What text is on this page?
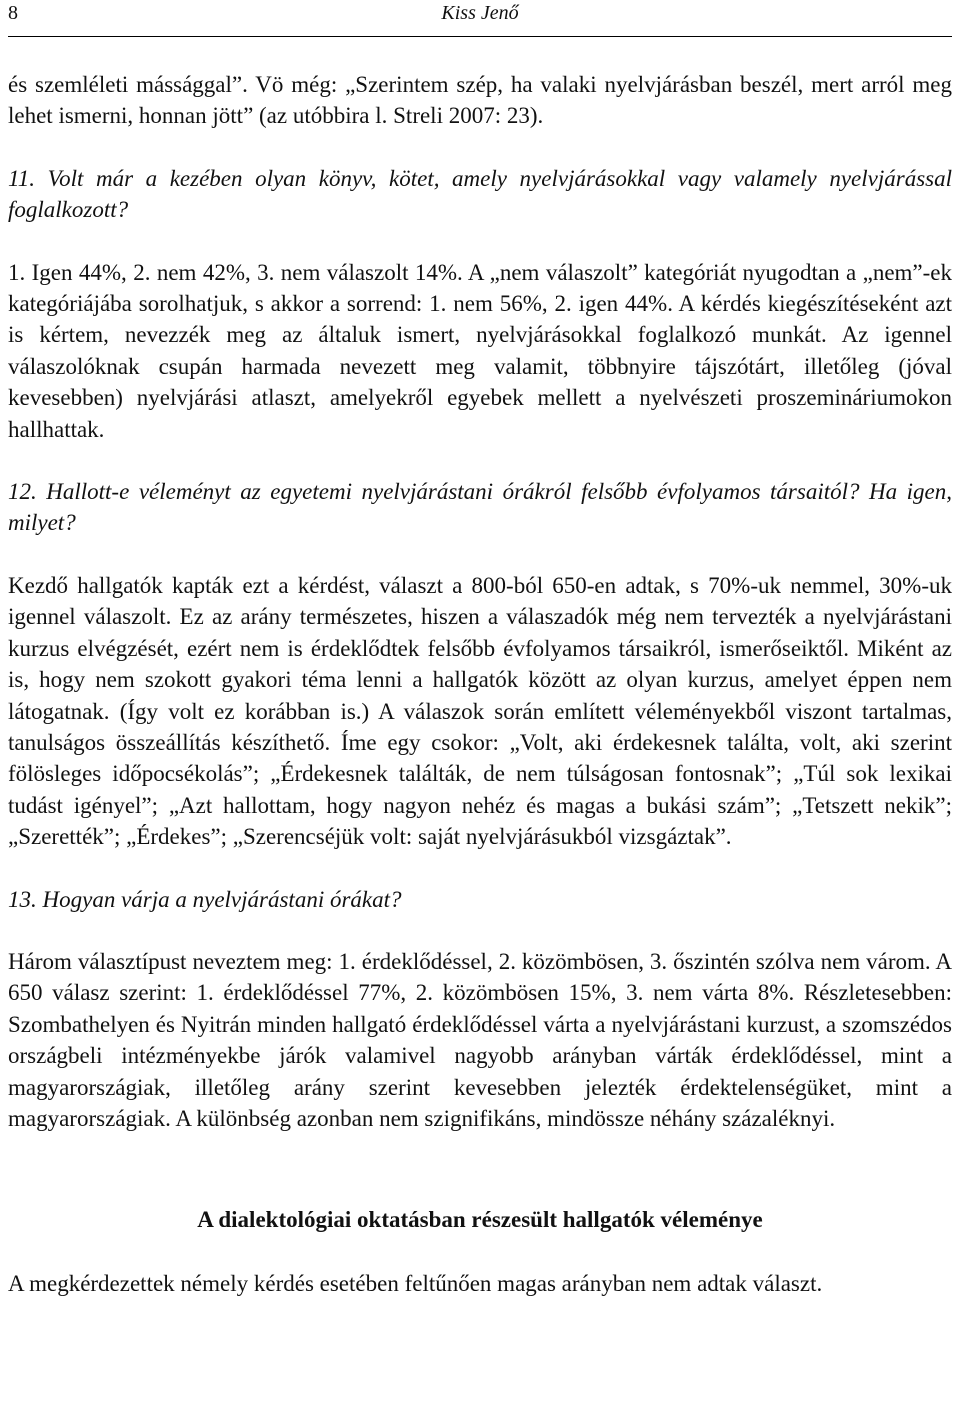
8	Kiss Jenő

és szemléleti mássággal”. Vö még: „Szerintem szép, ha valaki nyelvjárásban beszél, mert arról meg lehet ismerni, honnan jött” (az utóbbira l. Streli 2007: 23).

11. Volt már a kezében olyan könyv, kötet, amely nyelvjárásokkal vagy valamely nyelvjárással foglalkozott?

1. Igen 44%, 2. nem 42%, 3. nem válaszolt 14%. A „nem válaszolt” kategóriát nyugodtan a „nem”-ek kategóriájába sorolhatjuk, s akkor a sorrend: 1. nem 56%, 2. igen 44%. A kérdés kiegészítéseként azt is kértem, nevezzék meg az általuk ismert, nyelvjárásokkal foglalkozó munkát. Az igennel válaszolóknak csupán harmada nevezett meg valamit, többnyire tájszótárt, illetőleg (jóval kevesebben) nyelvjárási atlaszt, amelyekről egyebek mellett a nyelvészeti proszemináriumokon hallhattak.

12. Hallott-e véleményt az egyetemi nyelvjárástani órákról felsőbb évfolyamos társaitól? Ha igen, milyet?

Kezdő hallgatók kapták ezt a kérdést, választ a 800-ból 650-en adtak, s 70%-uk nemmel, 30%-uk igennel válaszolt. Ez az arány természetes, hiszen a válaszadók még nem tervezték a nyelvjárástani kurzus elvégzését, ezért nem is érdeklődtek felsőbb évfolyamos társaikról, ismerőseiktől. Miként az is, hogy nem szokott gyakori téma lenni a hallgatók között az olyan kurzus, amelyet éppen nem látogatnak. (Így volt ez korábban is.) A válaszok során említett véleményekből viszont tartalmas, tanulságos összeállítás készíthető. Íme egy csokor: „Volt, aki érdekesnek találta, volt, aki szerint fölösleges időpocsékolás”; „Érdekesnek találták, de nem túlságosan fontosnak”; „Túl sok lexikai tudást igényel”; „Azt hallottam, hogy nagyon nehéz és magas a bukási szám”; „Tetszett nekik”; „Szerették”; „Érdekes”; „Szerencséjük volt: saját nyelvjárásukból vizsgáztak”.

13. Hogyan várja a nyelvjárástani órákat?

Három választípust neveztem meg: 1. érdeklődéssel, 2. közömbösen, 3. őszintén szólva nem várom. A 650 válasz szerint: 1. érdeklődéssel 77%, 2. közömbösen 15%, 3. nem várta 8%. Részletesebben: Szombathelyen és Nyitrán minden hallgató érdeklődéssel várta a nyelvjárástani kurzust, a szomszédos országbeli intézményekbe járók valamivel nagyobb arányban várták érdeklődéssel, mint a magyarországiak, illetőleg arány szerint kevesebben jelezték érdektelenségüket, mint a magyarországiak. A különbség azonban nem szignifikáns, mindössze néhány százaléknyi.

A dialektológiai oktatásban részesült hallgatók véleménye

A megkérdezettek némely kérdés esetében feltűnően magas arányban nem adtak választ.
